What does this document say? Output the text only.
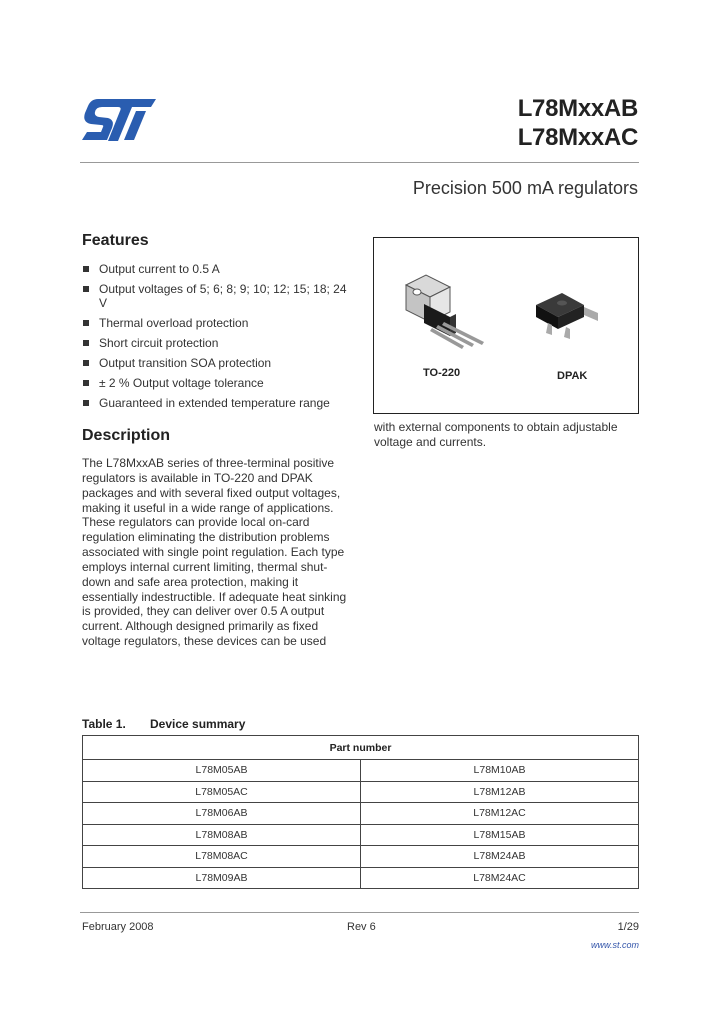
L78MxxAB
L78MxxAC
Precision 500 mA regulators
Features
Output current to 0.5 A
Output voltages of 5; 6; 8; 9; 10; 12; 15; 18; 24 V
Thermal overload protection
Short circuit protection
Output transition SOA protection
± 2 % Output voltage tolerance
Guaranteed in extended temperature range
Description

The L78MxxAB series of three-terminal positive regulators is available in TO-220 and DPAK packages and with several fixed output voltages, making it useful in a wide range of applications. These regulators can provide local on-card regulation eliminating the distribution problems associated with single point regulation. Each type employs internal current limiting, thermal shut-down and safe area protection, making it essentially indestructible. If adequate heat sinking is provided, they can deliver over 0.5 A output current. Although designed primarily as fixed voltage regulators, these devices can be used

TO-220	DPAK
with external components to obtain adjustable voltage and currents.
Table 1. Device summary
Part number	
L78M05AB	L78M10AB
L78M05AC	L78M12AB
L78M06AB	L78M12AC
L78M08AB	L78M15AB
L78M08AC	L78M24AB
L78M09AB	L78M24AC
February 2008	Rev 6	1/29
www.st.com
